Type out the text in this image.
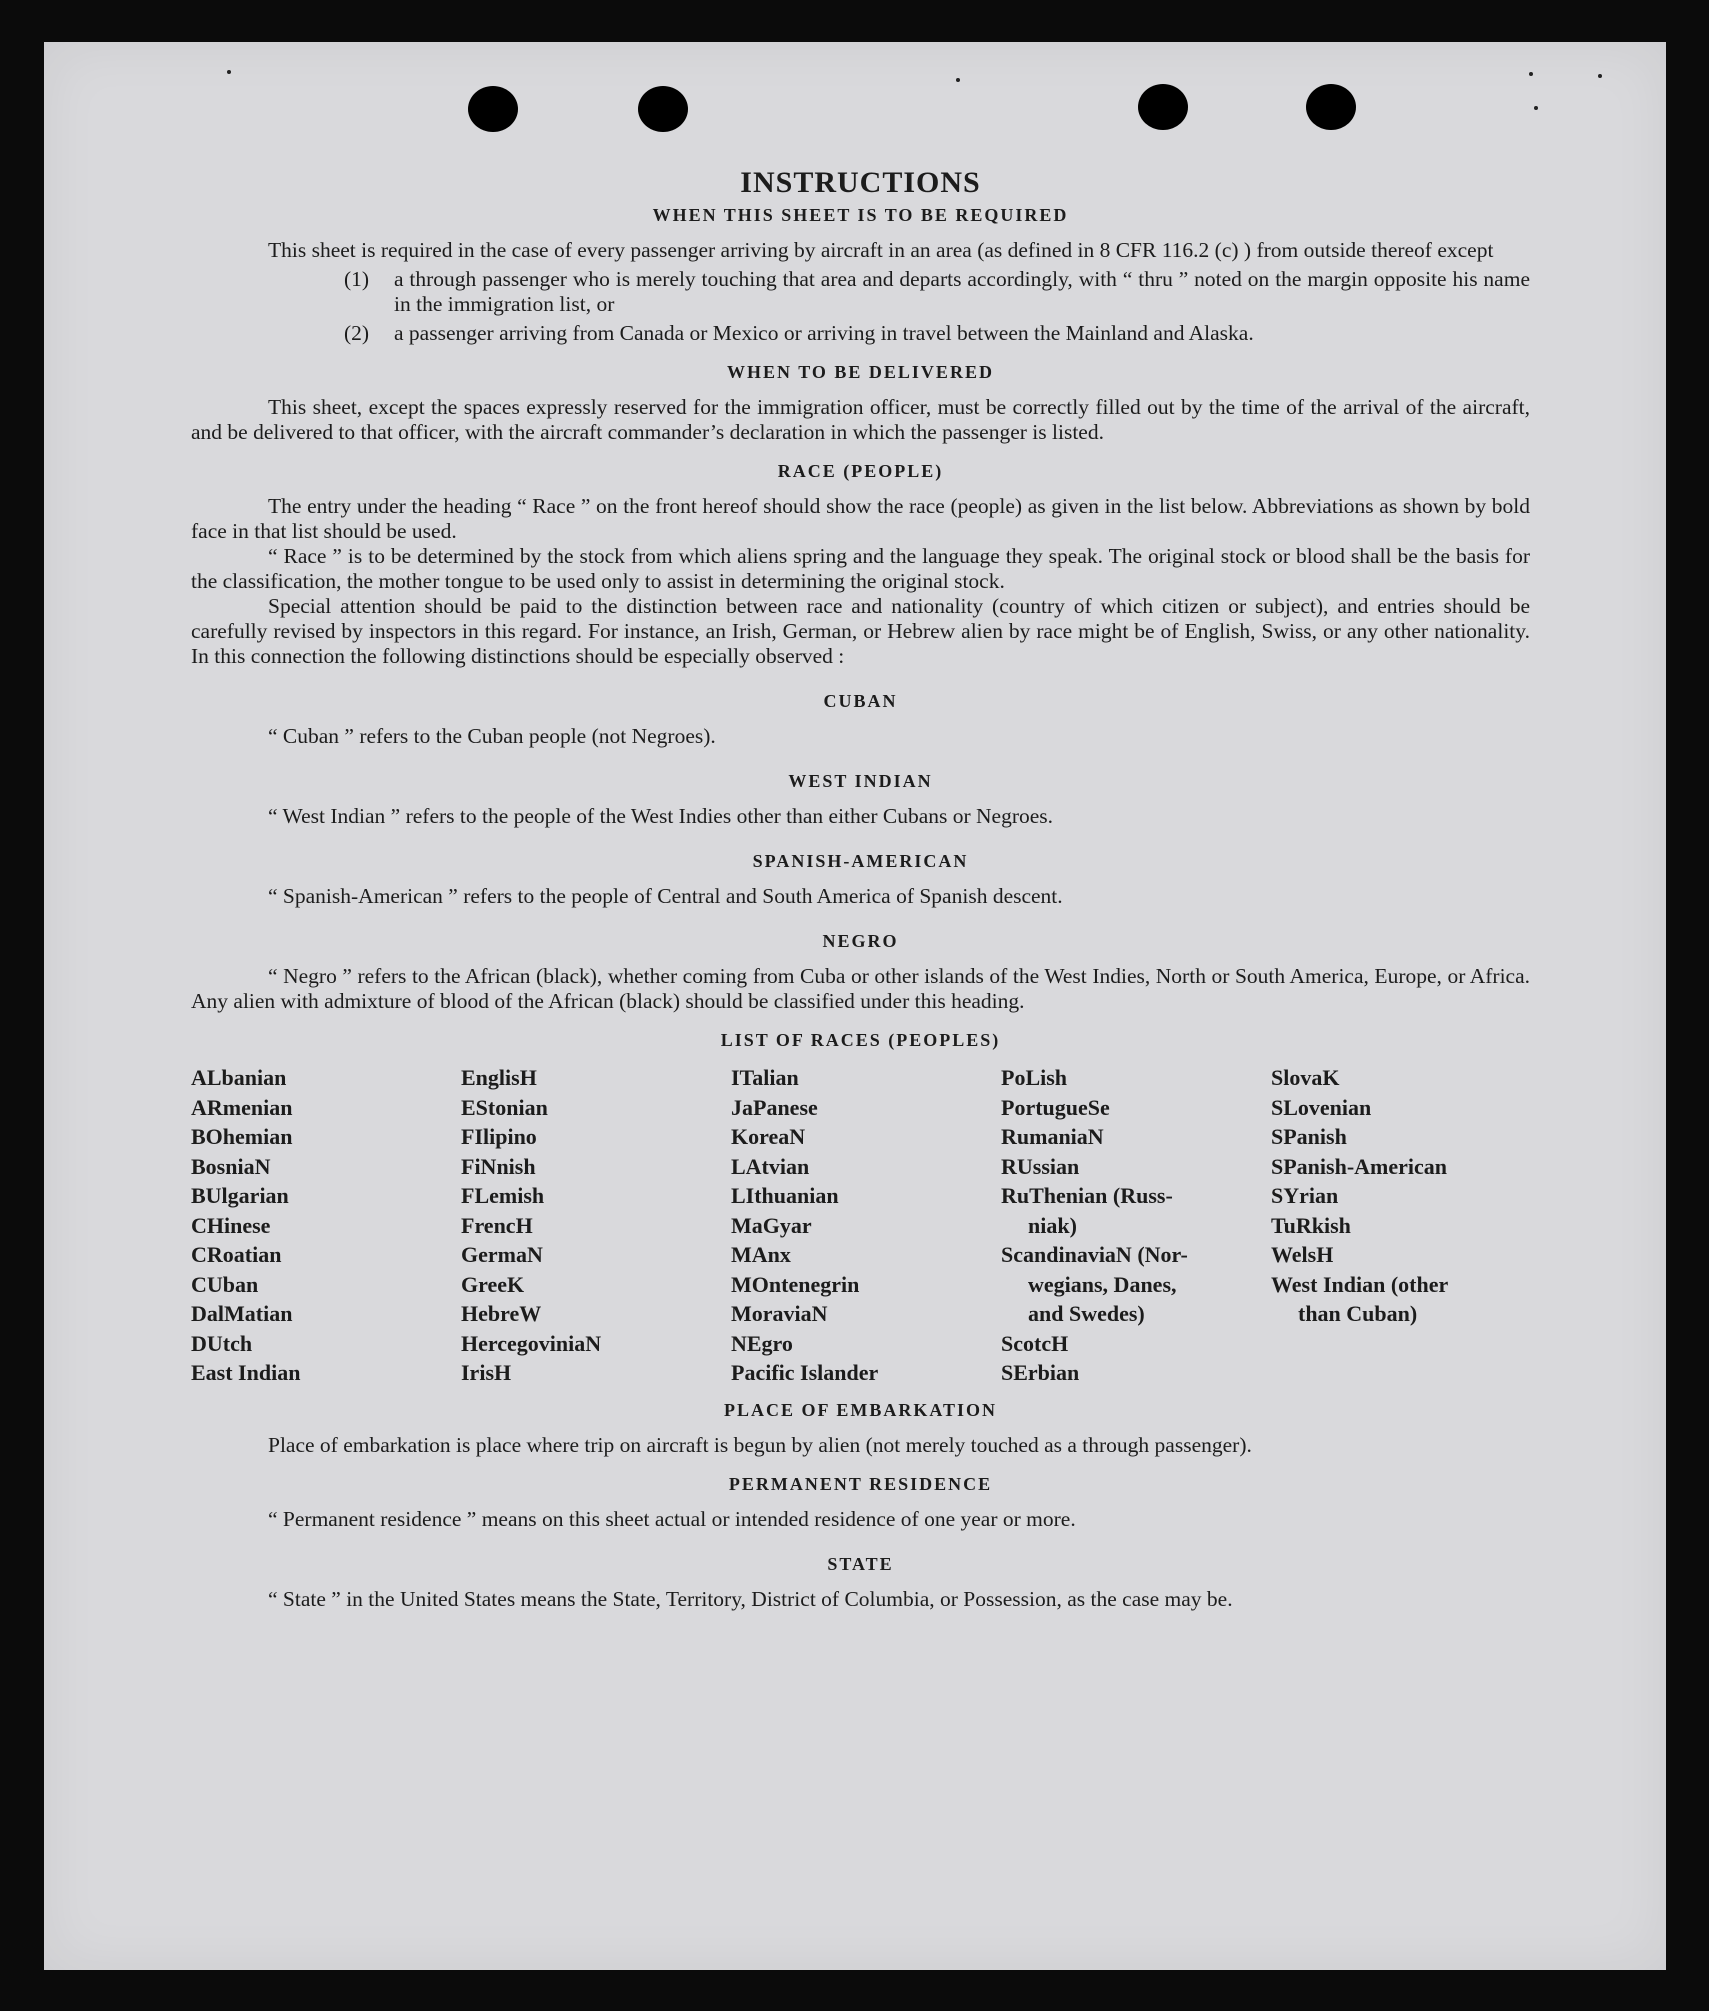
INSTRUCTIONS
WHEN THIS SHEET IS TO BE REQUIRED

This sheet is required in the case of every passenger arriving by aircraft in an area (as defined in 8 CFR 116.2 (c) ) from outside thereof except

(1)	a through passenger who is merely touching that area and departs accordingly, with “ thru ” noted on the margin opposite his name in the immigration list, or
(2)	a passenger arriving from Canada or Mexico or arriving in travel between the Mainland and Alaska.
WHEN TO BE DELIVERED

This sheet, except the spaces expressly reserved for the immigration officer, must be correctly filled out by the time of the arrival of the aircraft, and be delivered to that officer, with the aircraft commander’s declaration in which the passenger is listed.

RACE (PEOPLE)

The entry under the heading “ Race ” on the front hereof should show the race (people) as given in the list below. Abbreviations as shown by bold face in that list should be used.

“ Race ” is to be determined by the stock from which aliens spring and the language they speak. The original stock or blood shall be the basis for the classification, the mother tongue to be used only to assist in determining the original stock.

Special attention should be paid to the distinction between race and nationality (country of which citizen or subject), and entries should be carefully revised by inspectors in this regard. For instance, an Irish, German, or Hebrew alien by race might be of English, Swiss, or any other nationality. In this connection the following distinctions should be especially observed :

CUBAN

“ Cuban ” refers to the Cuban people (not Negroes).

WEST INDIAN

“ West Indian ” refers to the people of the West Indies other than either Cubans or Negroes.

SPANISH-AMERICAN

“ Spanish-American ” refers to the people of Central and South America of Spanish descent.

NEGRO

“ Negro ” refers to the African (black), whether coming from Cuba or other islands of the West Indies, North or South America, Europe, or Africa. Any alien with admixture of blood of the African (black) should be classified under this heading.

LIST OF RACES (PEOPLES)
ALbanian
ARmenian
BOhemian
BosniaN
BUlgarian
CHinese
CRoatian
CUban
DalMatian
DUtch
East Indian
EnglisH
EStonian
FIlipino
FiNnish
FLemish
FrencH
GermaN
GreeK
HebreW
HercegoviniaN
IrisH
ITalian
JaPanese
KoreaN
LAtvian
LIthuanian
MaGyar
MAnx
MOntenegrin
MoraviaN
NEgro
Pacific Islander
PoLish
PortugueSe
RumaniaN
RUssian
RuThenian (Russ-
niak)
ScandinaviaN (Nor-
wegians, Danes,
and Swedes)
ScotcH
SErbian
SlovaK
SLovenian
SPanish
SPanish-American
SYrian
TuRkish
WelsH
West Indian (other
than Cuban)
PLACE OF EMBARKATION

Place of embarkation is place where trip on aircraft is begun by alien (not merely touched as a through passenger).

PERMANENT RESIDENCE

“ Permanent residence ” means on this sheet actual or intended residence of one year or more.

STATE

“ State ” in the United States means the State, Territory, District of Columbia, or Possession, as the case may be.
